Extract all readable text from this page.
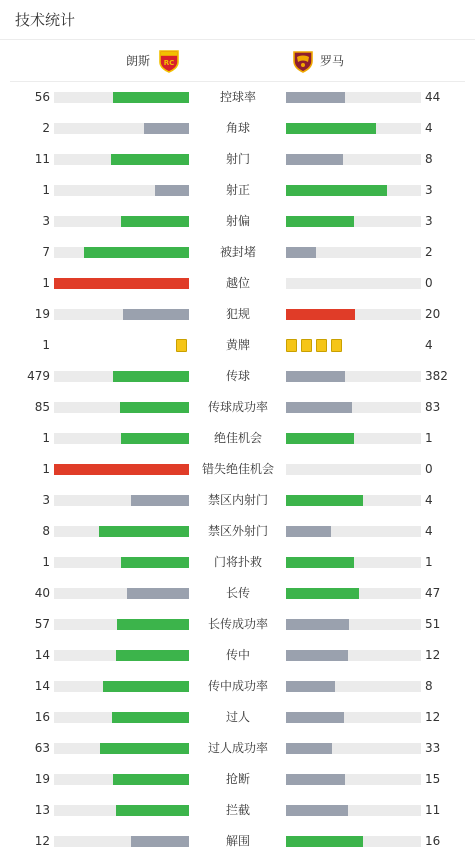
技术统计
朗斯 RC	罗马
56	控球率	44
2	角球	4
11	射门	8
1	射正	3
3	射偏	3
7	被封堵	2
1	越位	0
19	犯规	20
1	黄牌	4
479	传球	382
85	传球成功率	83
1	绝佳机会	1
1	错失绝佳机会	0
3	禁区内射门	4
8	禁区外射门	4
1	门将扑救	1
40	长传	47
57	长传成功率	51
14	传中	12
14	传中成功率	8
16	过人	12
63	过人成功率	33
19	抢断	15
13	拦截	11
12	解围	16
